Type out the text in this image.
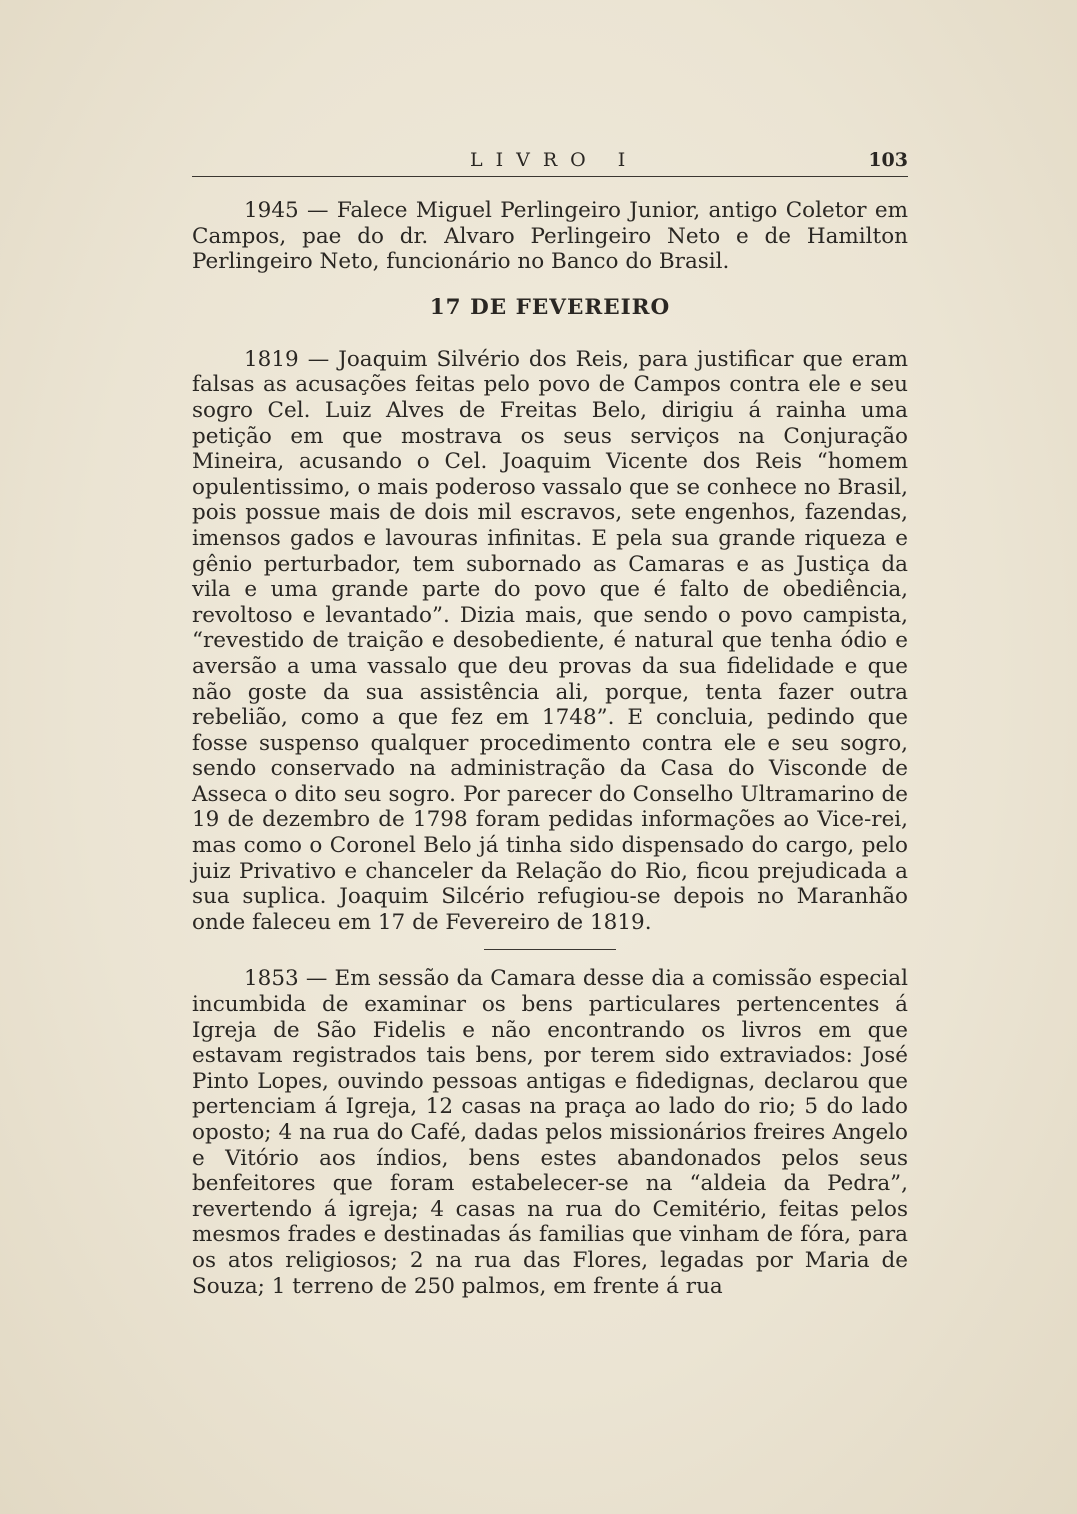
LIVRO I	103

1945 — Falece Miguel Perlingeiro Junior, antigo Coletor em Campos, pae do dr. Alvaro Perlingeiro Neto e de Hamilton Perlingeiro Neto, funcionário no Banco do Brasil.

17 DE FEVEREIRO

1819 — Joaquim Silvério dos Reis, para justificar que eram falsas as acusações feitas pelo povo de Campos contra ele e seu sogro Cel. Luiz Alves de Freitas Belo, dirigiu á rainha uma petição em que mostrava os seus serviços na Conjuração Mineira, acusando o Cel. Joaquim Vicente dos Reis “homem opulentissimo, o mais poderoso vassalo que se conhece no Brasil, pois possue mais de dois mil escravos, sete engenhos, fazendas, imensos gados e lavouras infinitas. E pela sua grande riqueza e gênio perturbador, tem subornado as Camaras e as Justiça da vila e uma grande parte do povo que é falto de obediência, revoltoso e levantado”. Dizia mais, que sendo o povo campista, “revestido de traição e desobediente, é natural que tenha ódio e aversão a uma vassalo que deu provas da sua fidelidade e que não goste da sua assistência ali, porque, tenta fazer outra rebelião, como a que fez em 1748”. E concluia, pedindo que fosse suspenso qualquer procedimento contra ele e seu sogro, sendo conservado na administração da Casa do Visconde de Asseca o dito seu sogro. Por parecer do Conselho Ultramarino de 19 de dezembro de 1798 foram pedidas informações ao Vice-rei, mas como o Coronel Belo já tinha sido dispensado do cargo, pelo juiz Privativo e chanceler da Relação do Rio, ficou prejudicada a sua suplica. Joaquim Silcério refugiou-se depois no Maranhão onde faleceu em 17 de Fevereiro de 1819.

1853 — Em sessão da Camara desse dia a comissão especial incumbida de examinar os bens particulares pertencentes á Igreja de São Fidelis e não encontrando os livros em que estavam registrados tais bens, por terem sido extraviados: José Pinto Lopes, ouvindo pessoas antigas e fidedignas, declarou que pertenciam á Igreja, 12 casas na praça ao lado do rio; 5 do lado oposto; 4 na rua do Café, dadas pelos missionários freires Angelo e Vitório aos índios, bens estes abandonados pelos seus benfeitores que foram estabelecer-se na “aldeia da Pedra”, revertendo á igreja; 4 casas na rua do Cemitério, feitas pelos mesmos frades e destinadas ás familias que vinham de fóra, para os atos religiosos; 2 na rua das Flores, legadas por Maria de Souza; 1 terreno de 250 palmos, em frente á rua
